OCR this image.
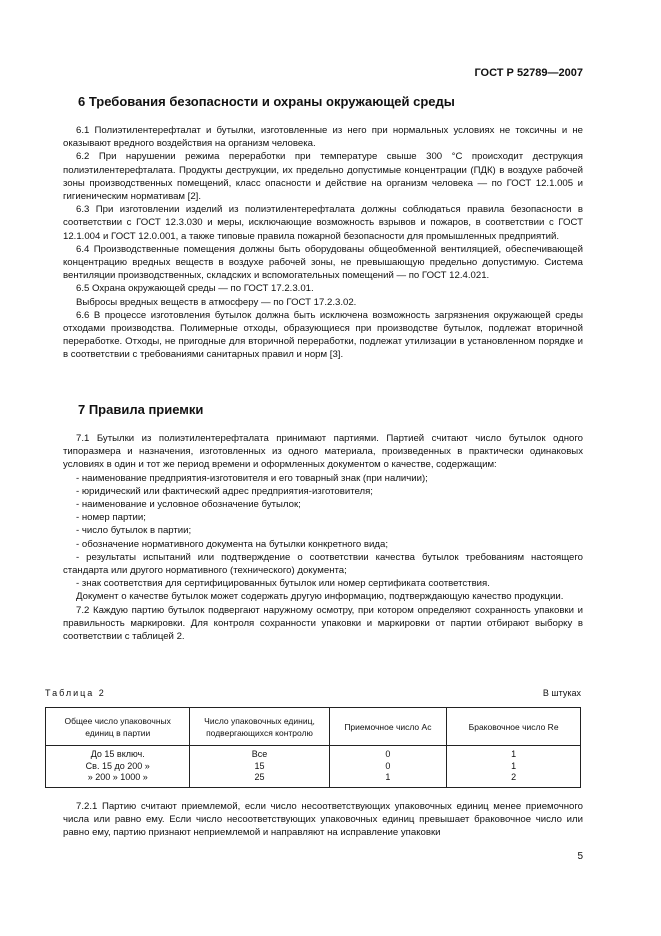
ГОСТ Р 52789—2007
6 Требования безопасности и охраны окружающей среды

6.1 Полиэтилентерефталат и бутылки, изготовленные из него при нормальных условиях не токсичны и не оказывают вредного воздействия на организм человека.

6.2 При нарушении режима переработки при температуре свыше 300 °С происходит деструкция полиэтилентерефталата. Продукты деструкции, их предельно допустимые концентрации (ПДК) в воздухе рабочей зоны производственных помещений, класс опасности и действие на организм человека — по ГОСТ 12.1.005 и гигиеническим нормативам [2].

6.3 При изготовлении изделий из полиэтилентерефталата должны соблюдаться правила безопасности в соответствии с ГОСТ 12.3.030 и меры, исключающие возможность взрывов и пожаров, в соответствии с ГОСТ 12.1.004 и ГОСТ 12.0.001, а также типовые правила пожарной безопасности для промышленных предприятий.

6.4 Производственные помещения должны быть оборудованы общеобменной вентиляцией, обеспечивающей концентрацию вредных веществ в воздухе рабочей зоны, не превышающую предельно допустимую. Система вентиляции производственных, складских и вспомогательных помещений — по ГОСТ 12.4.021.

6.5 Охрана окружающей среды — по ГОСТ 17.2.3.01.

Выбросы вредных веществ в атмосферу — по ГОСТ 17.2.3.02.

6.6 В процессе изготовления бутылок должна быть исключена возможность загрязнения окружающей среды отходами производства. Полимерные отходы, образующиеся при производстве бутылок, подлежат вторичной переработке. Отходы, не пригодные для вторичной переработки, подлежат утилизации в установленном порядке и в соответствии с требованиями санитарных правил и норм [3].

7 Правила приемки

7.1 Бутылки из полиэтилентерефталата принимают партиями. Партией считают число бутылок одного типоразмера и назначения, изготовленных из одного материала, произведенных в практически одинаковых условиях в один и тот же период времени и оформленных документом о качестве, содержащим:

- наименование предприятия-изготовителя и его товарный знак (при наличии);

- юридический или фактический адрес предприятия-изготовителя;

- наименование и условное обозначение бутылок;

- номер партии;

- число бутылок в партии;

- обозначение нормативного документа на бутылки конкретного вида;

- результаты испытаний или подтверждение о соответствии качества бутылок требованиям настоящего стандарта или другого нормативного (технического) документа;

- знак соответствия для сертифицированных бутылок или номер сертификата соответствия.

Документ о качестве бутылок может содержать другую информацию, подтверждающую качество продукции.

7.2 Каждую партию бутылок подвергают наружному осмотру, при котором определяют сохранность упаковки и правильность маркировки. Для контроля сохранности упаковки и маркировки от партии отбирают выборку в соответствии с таблицей 2.

Таблица 2	В штуках
Общее число упаковочных единиц в партии	Число упаковочных единиц, подвергающихся контролю	Приемочное число Ас	Браковочное число Re
До 15 включ.	Все	0	1
Св. 15 до 200 »	15	0	1
» 200 » 1000 »	25	1	2

7.2.1 Партию считают приемлемой, если число несоответствующих упаковочных единиц менее приемочного числа или равно ему. Если число несоответствующих упаковочных единиц превышает браковочное число или равно ему, партию признают неприемлемой и направляют на исправление упаковки

5
